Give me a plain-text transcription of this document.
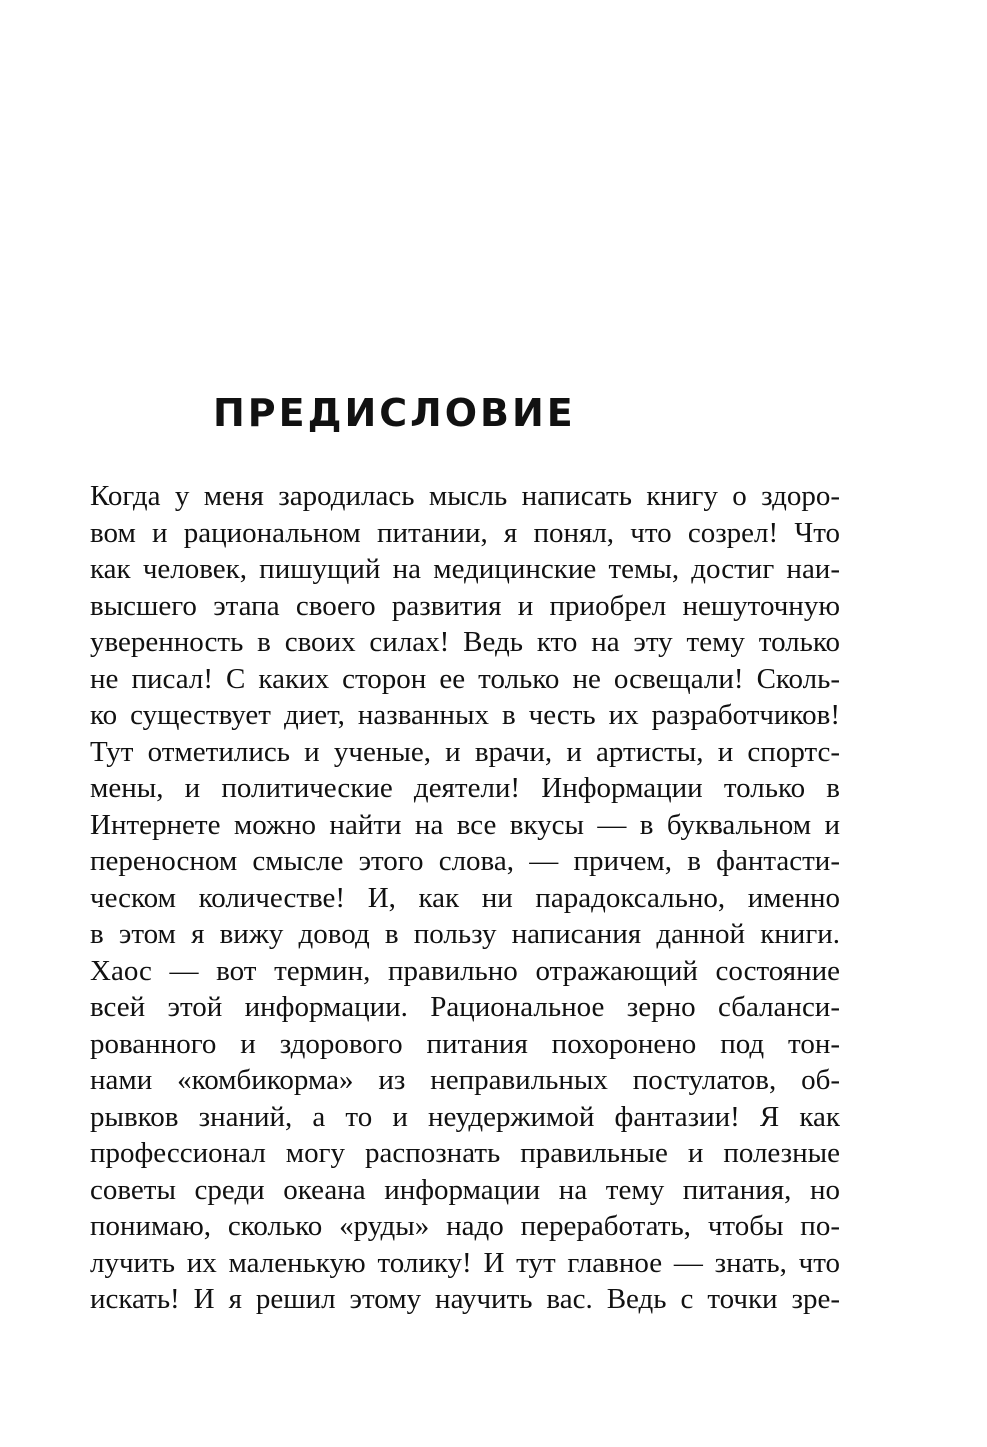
ПРЕДИСЛОВИЕ
Когда у меня зародилась мысль написать книгу о здоро-
вом и рациональном питании, я понял, что созрел! Что
как человек, пишущий на медицинские темы, достиг наи-
высшего этапа своего развития и приобрел нешуточную
уверенность в своих силах! Ведь кто на эту тему только
не писал! С каких сторон ее только не освещали! Сколь-
ко существует диет, названных в честь их разработчиков!
Тут отметились и ученые, и врачи, и артисты, и спортс-
мены, и политические деятели! Информации только в
Интернете можно найти на все вкусы — в буквальном и
переносном смысле этого слова, — причем, в фантасти-
ческом количестве! И, как ни парадоксально, именно
в этом я вижу довод в пользу написания данной книги.
Хаос — вот термин, правильно отражающий состояние
всей этой информации. Рациональное зерно сбаланси-
рованного и здорового питания похоронено под тон-
нами «комбикорма» из неправильных постулатов, об-
рывков знаний, а то и неудержимой фантазии! Я как
профессионал могу распознать правильные и полезные
советы среди океана информации на тему питания, но
понимаю, сколько «руды» надо переработать, чтобы по-
лучить их маленькую толику! И тут главное — знать, что
искать! И я решил этому научить вас. Ведь с точки зре-
